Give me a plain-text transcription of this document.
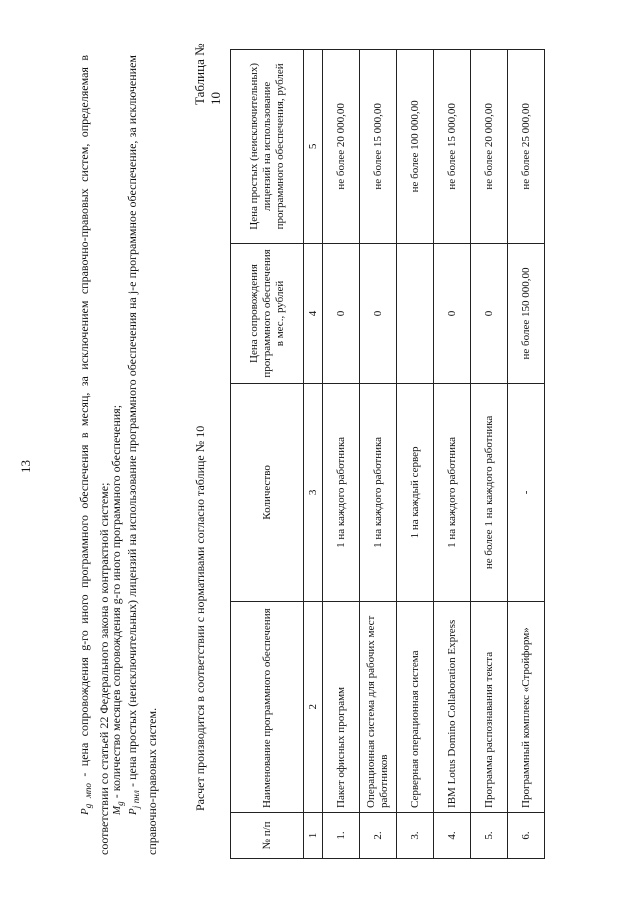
13
$P_{g мпо}$ - цена сопровождения g-го иного программного обеспечения в месяц, за исключением справочно-правовых систем, определяемая в соответствии со статьей 22 Федерального закона о контрактной системе; $M_g$ - количество месяцев сопровождения g-го иного программного обеспечения;
$P_{j пнл}$ - цена простых (неисключительных) лицензий на использование программного обеспечения на j-е программное обеспечение, за исключением справочно-правовых систем.	Расчет производится в соответствии с нормативами согласно таблице № 10
Таблица № 10
№ п/п	Наименование программного обеспечения	Количество	Цена сопровождения программного обеспечения в мес., рублей	Цена простых (неисключительных) лицензий на использование программного обеспечения, рублей
1	2	3	4	5
1.	Пакет офисных программ	1 на каждого работника	0	не более 20 000,00
2.	Операционная система для рабочих мест работников	1 на каждого работника	0	не более 15 000,00
3.	Серверная операционная система	1 на каждый сервер		не более 100 000,00
4.	IBM Lotus Domino Collaboration Express	1 на каждого работника	0	не более 15 000,00
5.	Программа распознавания текста	не более 1 на каждого работника	0	не более 20 000,00
6.	Программный комплекс «Стройформ»	-	не более 150 000,00	не более 25 000,00
